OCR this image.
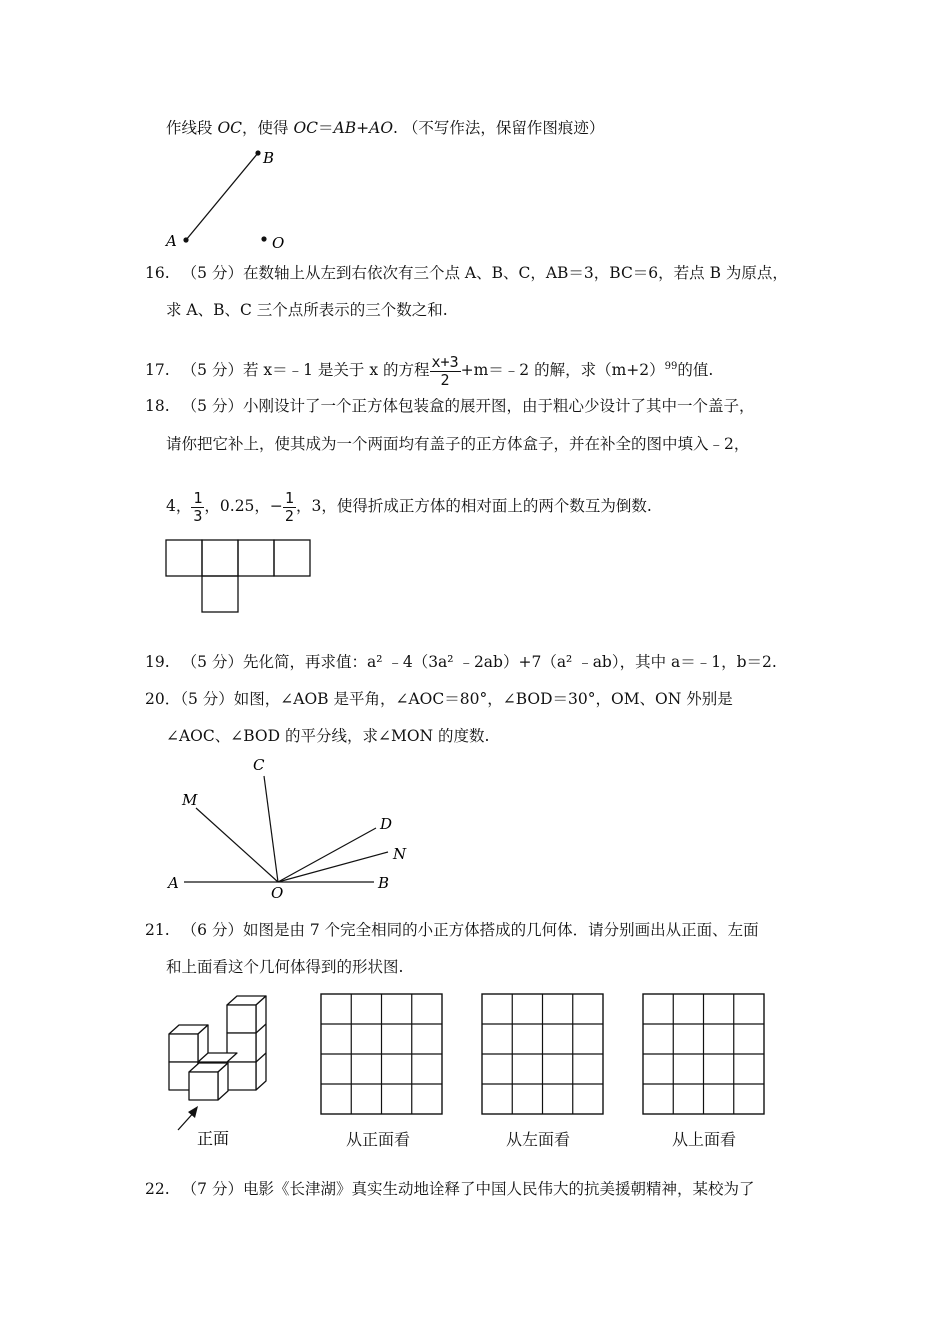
作线段 OC，使得 OC＝AB+AO. （不写作法，保留作图痕迹）
A
B
O
16. （5 分）在数轴上从左到右依次有三个点 A、B、C，AB＝3，BC＝6，若点 B 为原点，
求 A、B、C 三个点所表示的三个数之和.
17. （5 分）若 x＝﹣1 是关于 x 的方程 $\frac{x+3}{2}$ +m＝﹣2 的解，求$(m+2)^{99}$的值.
18. （5 分）小刚设计了一个正方体包装盒的展开图，由于粗心少设计了其中一个盖子，
请你把它补上，使其成为一个两面均有盖子的正方体盒子，并在补全的图中填入﹣2，
4， $\frac{1}{3}$ ，0.25，− $\frac{1}{2}$ ，3，使得折成正方体的相对面上的两个数互为倒数.
19. （5 分）先化简，再求值：a² ﹣4（3a² ﹣2ab）+7（a² ﹣ab），其中 a＝﹣1，b＝2.
20．（5 分）如图，∠AOB 是平角，∠AOC＝80°，∠BOD＝30°，OM、ON 外别是
∠AOC、∠BOD 的平分线，求∠MON 的度数.
A	B
C
D
M
N
O
21. （6 分）如图是由 7 个完全相同的小正方体搭成的几何体．请分别画出从正面、左面
和上面看这个几何体得到的形状图.
正面	从正面看	从左面看	从上面看
22. （7 分）电影《长津湖》真实生动地诠释了中国人民伟大的抗美援朝精神，某校为了
